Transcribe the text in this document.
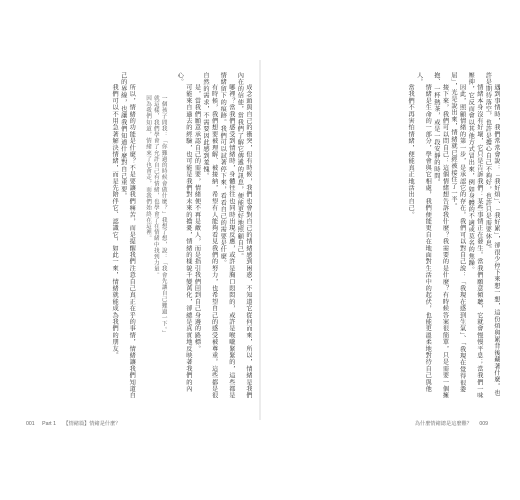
成念頭與自己的衝突，但有時候，我們也會對自己的情緒感到困惑，不知道它從何而來，所以，情緒是我們內在的信使，當我們了解它傳遞的訊息，便能更好地照顧自己。

哪裡？當我們感受到情緒時，身體往往也同時出現反應，或許是胸口悶悶的，或許是喉嚨緊緊的，這些都是情緒留下的痕跡。我們可以試著停下來，看看自己的需要是什麼。

有時候，我們想要被理解、被接納，希望有人能夠看見我們的努力，也希望自己的感受被尊重。這些都是很自然的需求，不需要因此感到羞愧。

是，當我們願意承認自己的需要，情緒便不再是敵人，而是指引我們回到自己身邊的路標。

可能來自過去的經驗，也可能是我們對未來的擔憂，情緒的樣貌千變萬化，卻總是真實地反映著我們的內心。

一個孩子問我：「你難過的時候會做什麼？」我想了想，說：「我會先讓自己難過一下。」

就這樣，我們學會了允許自己有情緒，也學會了在情緒中找到力量。

因為我們知道，情緒來了也會走，而我們始終在這裡。

所以，情緒的功能是什麼？不是要讓我們痛苦，而是提醒我們注意自己真正在乎的事情，情緒讓我們知道自己的界線，也讓我們知道什麼對自己重要。

我們可以不用急著解決情緒，而是先陪伴它、認識它，如此一來，情緒就能成為我們的朋友。	遇到事情時，我們常常會說：「我好煩」、「我好累」，卻很少停下來想一想，這份煩與累背後藏著什麼。也許是期待落空，也許是擔心自己不夠好，也許只是需要休息。

情緒本身沒有好壞，它只是告訴我們：某些事情正在發生。當我們願意傾聽，它就會慢慢平息；當我們一味壓抑，它反而會以其他方式冒出來，例如身體的不適或莫名的焦躁。

因此，照顧情緒的第一步，是承認它的存在。我們可以對自己說：「我現在感到生氣」、「我現在覺得很委屈」，光是說出來，情緒就已經被接住了一半。

接下來，我們可以問自己：這個情緒想告訴我什麼？我需要的是什麼？有時候答案很簡單，只是需要一個擁抱、一杯熱茶，或是一段安靜的時間。

情緒是生命的一部分，學會與它相處，我們便能更自在地面對生活中的起伏，也能更溫柔地對待自己與他人。

當我們不再害怕情緒，便能真正地活出自己。

001 Part 1 【情緒篇】情緒是什麼？	為什麼情緒總是這麼難？ 009
